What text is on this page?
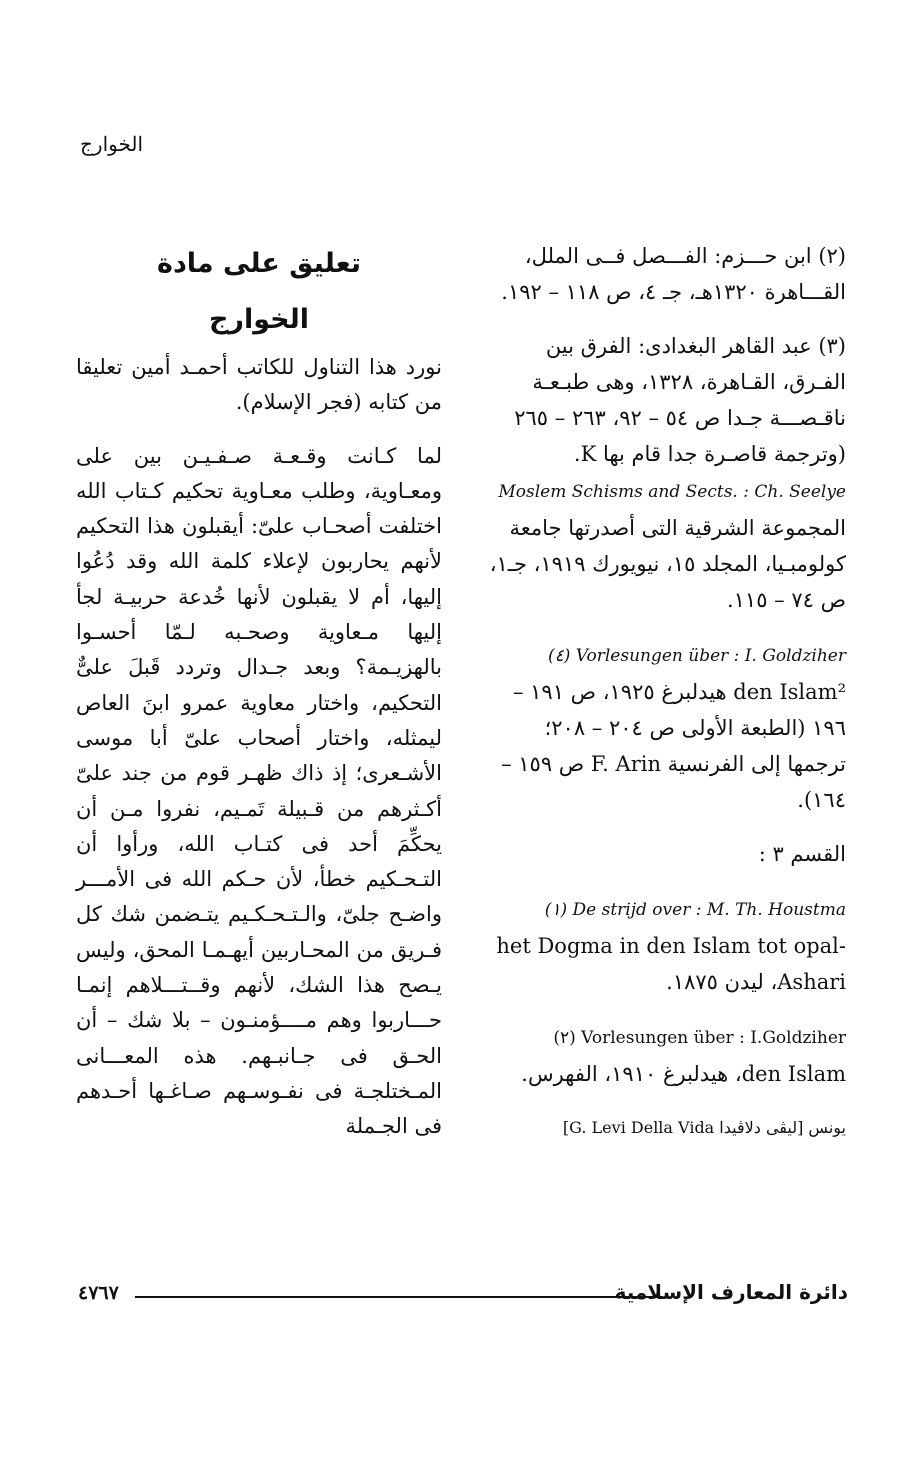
الخوارج

(٢) ابن حـــزم: الفـــصل فــى الملل، القـــاهرة ١٣٢٠هـ، جـ ٤، ص ١١٨ – ١٩٢.

(٣) عبد القاهر البغدادى: الفرق بين الفـرق، القـاهرة، ١٣٢٨، وهى طبـعـة ناقـصـــة جـدا ص ٥٤ – ٩٢، ٢٦٣ – ٢٦٥ (وترجمة قاصـرة جدا قام بها K.

Moslem Schisms and Sects. : Ch. Seelye

المجموعة الشرقية التى أصدرتها جامعة كولومبـيا، المجلد ١٥، نيويورك ١٩١٩، جـ١، ص ٧٤ – ١١٥.

Vorlesungen über : I. Goldziher (٤)

den Islam² هيدلبرغ ١٩٢٥، ص ١٩١ – ١٩٦ (الطبعة الأولى ص ٢٠٤ – ٢٠٨؛ ترجمها إلى الفرنسية F. Arin ص ١٥٩ – ١٦٤).

القسم ٣ :

De strijd over : M. Th. Houstma (١)

het Dogma in den Islam tot opal-Ashari، ليدن ١٨٧٥.

Vorlesungen über : I.Goldziher (٢)

den Islam، هيدلبرغ ١٩١٠، الفهرس.

يونس [ليڤى دلاڤيدا G. Levi Della Vida]

تعليق على مادة
الخوارج

نورد هذا التناول للكاتب أحمـد أمين تعليقا من كتابه (فجر الإسلام).

لما كـانت وقـعـة صـفـيـن بين على ومعـاوية، وطلب معـاوية تحكيم كـتاب الله اختلفت أصحـاب علىّ: أيقبلون هذا التحكيم لأنهم يحاربون لإعلاء كلمة الله وقد دُعُوا إليها، أم لا يقبلون لأنها خُدعة حربيـة لجأ إليها مـعاوية وصحـبه لـمّا أحسـوا بالهزيـمة؟ وبعد جـدال وتردد قَبلَ علىٌّ التحكيم، واختار معاوية عمرو ابنَ العاص ليمثله، واختار أصحاب علىّ أبا موسى الأشـعرى؛ إذ ذاك ظهـر قوم من جند علىّ أكـثرهم من قـبيلة تَمـيم، نفروا مـن أن يحكِّمَ أحد فى كتـاب الله، ورأوا أن التـحـكيم خطأ، لأن حـكم الله فى الأمـــر واضـح جلىّ، والـتـحـكـيم يتـضمن شك كل فـريق من المحـاربين أيهـمـا المحق، وليس يـصح هذا الشك، لأنهم وقــتـــلاهم إنمـا حـــاربوا وهم مــــؤمنـون – بلا شك – أن الحـق فى جـانبـهم. هذه المعـــانى المـختلجـة فى نفـوسـهم صـاغـها أحـدهم فى الجـملة

٤٧٦٧	دائرة المعارف الإسلامية
